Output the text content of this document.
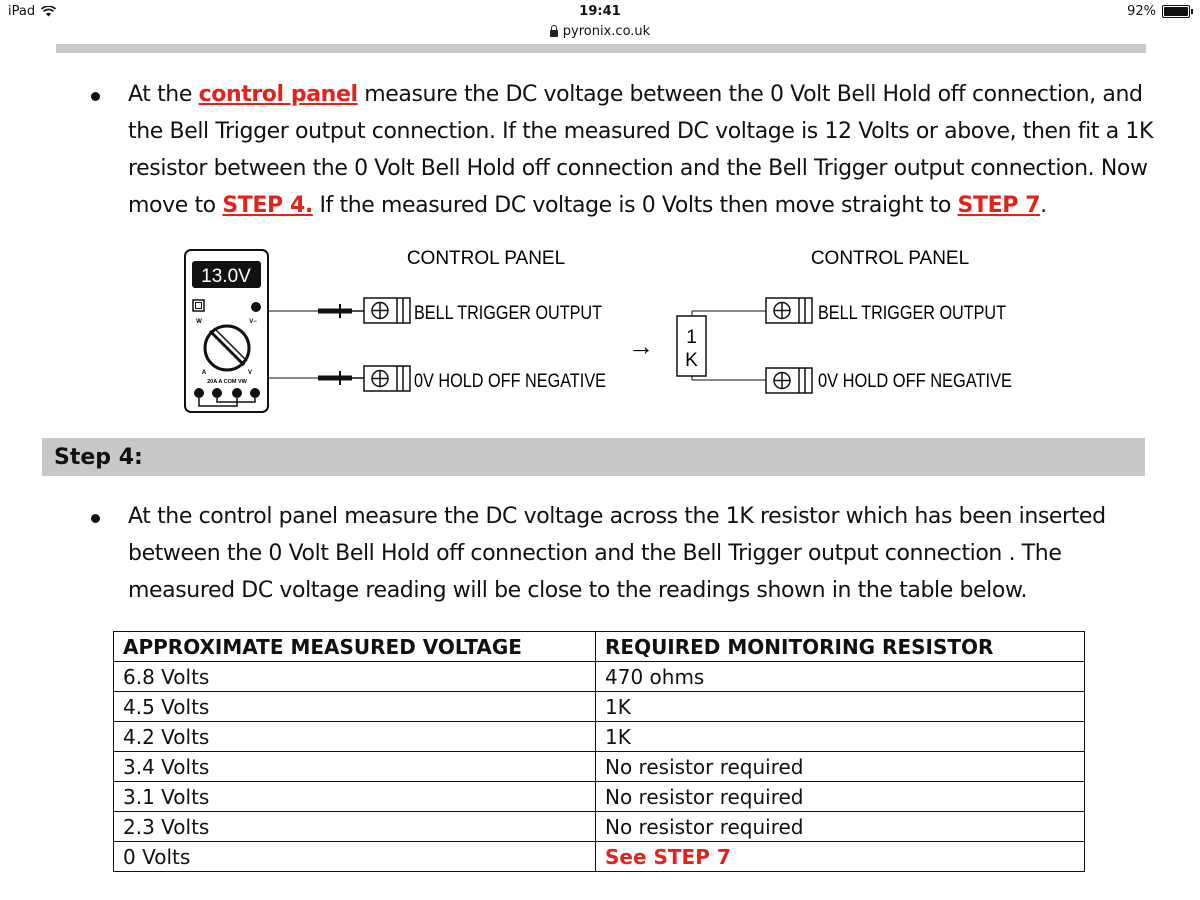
iPad	19:41	92%
pyronix.co.uk
At the control panel measure the DC voltage between the 0 Volt Bell Hold off connection, and the Bell Trigger output connection. If the measured DC voltage is 12 Volts or above, then fit a 1K resistor between the 0 Volt Bell Hold off connection and the Bell Trigger output connection. Now move to STEP 4. If the measured DC voltage is 0 Volts then move straight to STEP 7.
13.0V
W	V−
A	V
20A A COM VW
CONTROL PANEL
BELL TRIGGER OUTPUT
0V HOLD OFF NEGATIVE
→ 1
K
CONTROL PANEL
BELL TRIGGER OUTPUT
0V HOLD OFF NEGATIVE
Step 4:
At the control panel measure the DC voltage across the 1K resistor which has been inserted between the 0 Volt Bell Hold off connection and the Bell Trigger output connection . The measured DC voltage reading will be close to the readings shown in the table below.
APPROXIMATE MEASURED VOLTAGE	REQUIRED MONITORING RESISTOR
6.8 Volts	470 ohms
4.5 Volts	1K
4.2 Volts	1K
3.4 Volts	No resistor required
3.1 Volts	No resistor required
2.3 Volts	No resistor required
0 Volts	See STEP 7
